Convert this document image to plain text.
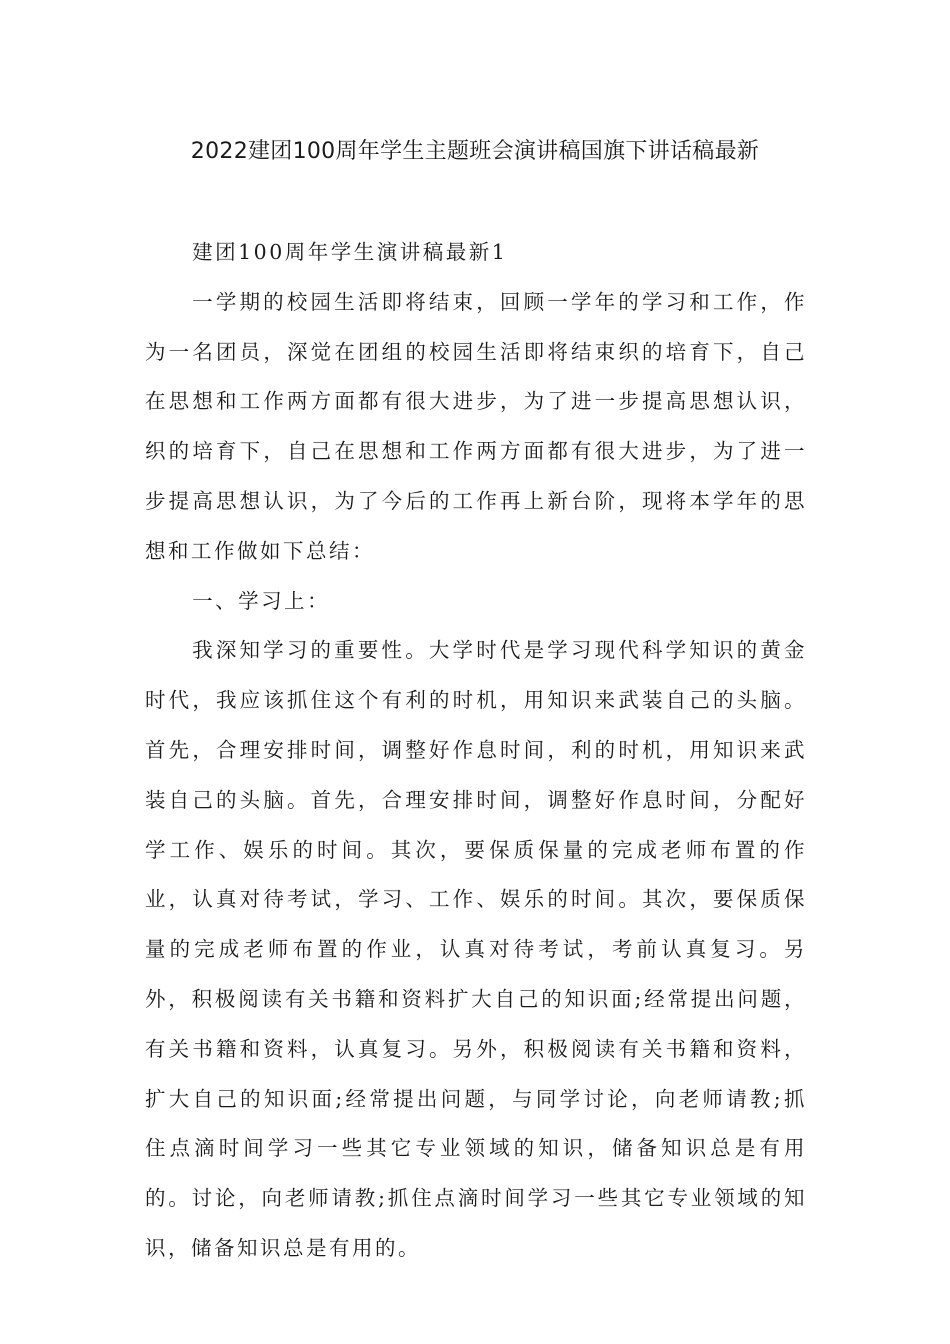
2022建团100周年学生主题班会演讲稿国旗下讲话稿最新

建团100周年学生演讲稿最新1

一学期的校园生活即将结束，回顾一学年的学习和工作，作为一名团员，深觉在团组的校园生活即将结束织的培育下，自己在思想和工作两方面都有很大进步，为了进一步提高思想认识，织的培育下，自己在思想和工作两方面都有很大进步，为了进一步提高思想认识，为了今后的工作再上新台阶，现将本学年的思想和工作做如下总结：

一、学习上：

我深知学习的重要性。大学时代是学习现代科学知识的黄金时代，我应该抓住这个有利的时机，用知识来武装自己的头脑。首先，合理安排时间，调整好作息时间，利的时机，用知识来武装自己的头脑。首先，合理安排时间，调整好作息时间，分配好学工作、娱乐的时间。其次，要保质保量的完成老师布置的作业，认真对待考试，学习、工作、娱乐的时间。其次，要保质保量的完成老师布置的作业，认真对待考试，考前认真复习。另外，积极阅读有关书籍和资料扩大自己的知识面;经常提出问题，有关书籍和资料，认真复习。另外，积极阅读有关书籍和资料，扩大自己的知识面;经常提出问题，与同学讨论，向老师请教;抓住点滴时间学习一些其它专业领域的知识，储备知识总是有用的。讨论，向老师请教;抓住点滴时间学习一些其它专业领域的知识，储备知识总是有用的。
